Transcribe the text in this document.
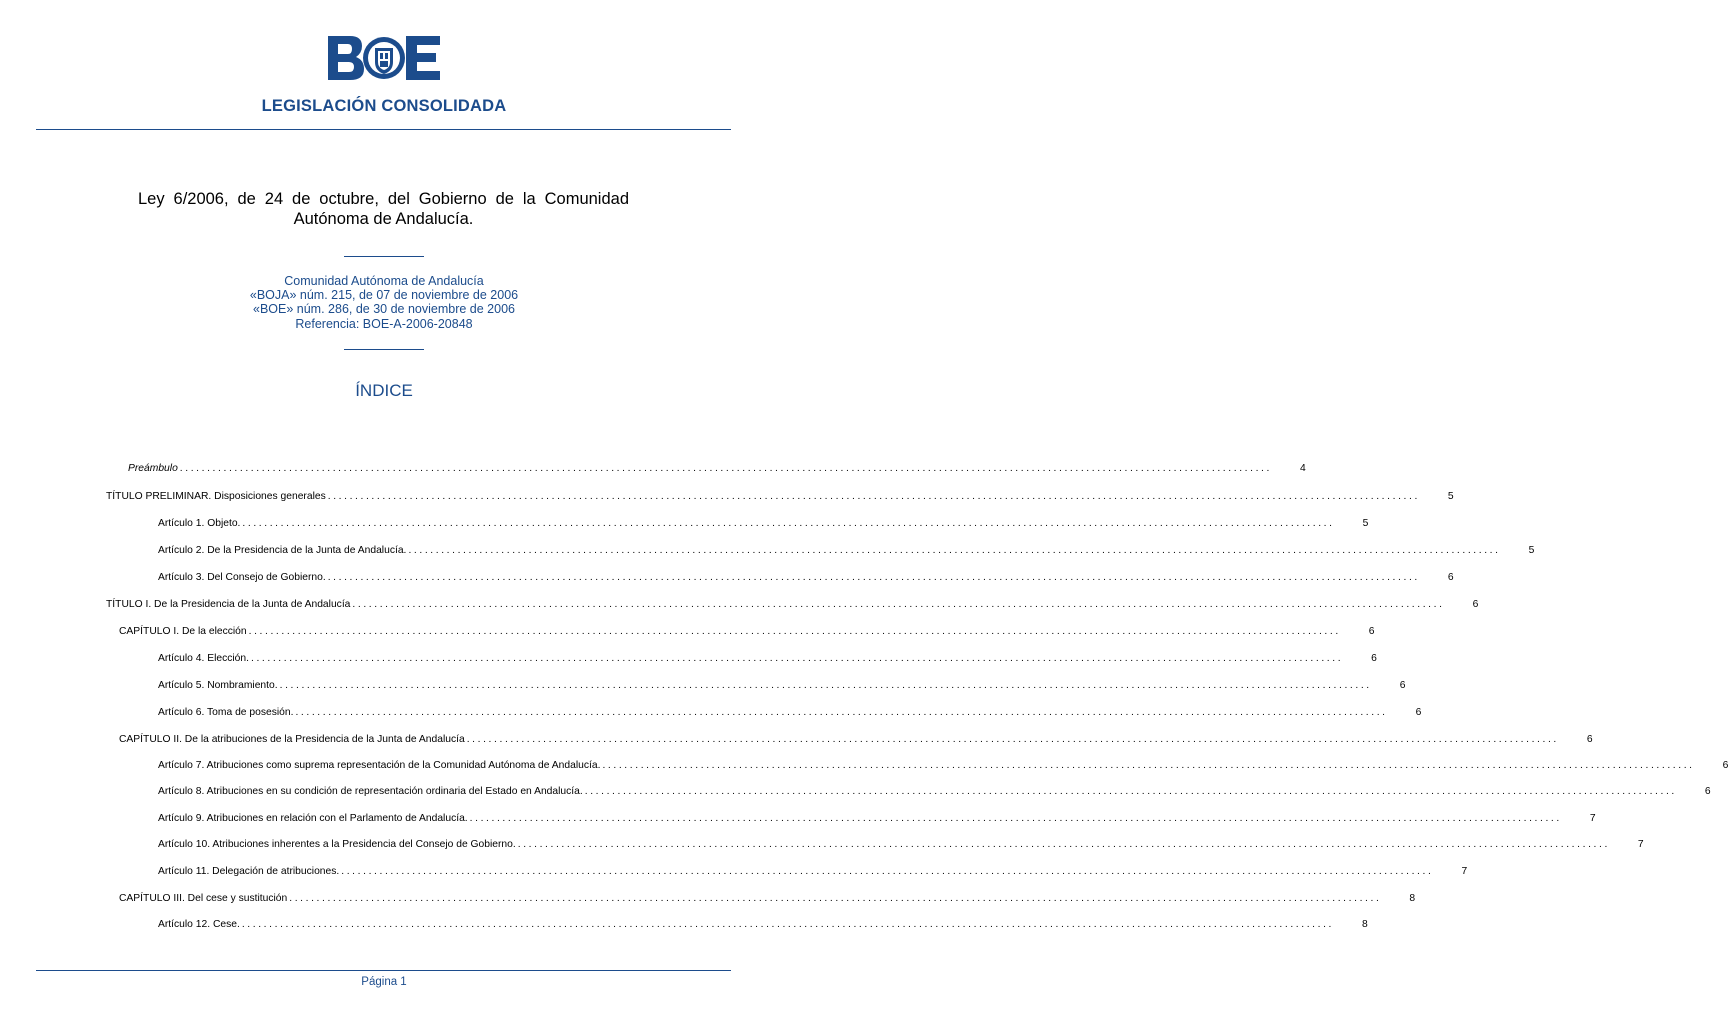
LEGISLACIÓN CONSOLIDADA
Ley 6/2006, de 24 de octubre, del Gobierno de la Comunidad
Autónoma de Andalucía.
Comunidad Autónoma de Andalucía
«BOJA» núm. 215, de 07 de noviembre de 2006
«BOE» núm. 286, de 30 de noviembre de 2006
Referencia: BOE-A-2006-20848
ÍNDICE
Preámbulo ........................................................................................................................................................................................................	4
TÍTULO PRELIMINAR. Disposiciones generales ........................................................................................................................................................................................................	5
Artículo 1. Objeto. ........................................................................................................................................................................................................	5
Artículo 2. De la Presidencia de la Junta de Andalucía. ........................................................................................................................................................................................................	5
Artículo 3. Del Consejo de Gobierno. ........................................................................................................................................................................................................	6
TÍTULO I. De la Presidencia de la Junta de Andalucía ........................................................................................................................................................................................................	6
CAPÍTULO I. De la elección ........................................................................................................................................................................................................	6
Artículo 4. Elección. ........................................................................................................................................................................................................	6
Artículo 5. Nombramiento. ........................................................................................................................................................................................................	6
Artículo 6. Toma de posesión. ........................................................................................................................................................................................................	6
CAPÍTULO II. De la atribuciones de la Presidencia de la Junta de Andalucía ........................................................................................................................................................................................................	6
Artículo 7. Atribuciones como suprema representación de la Comunidad Autónoma de Andalucía. ........................................................................................................................................................................................................	6
Artículo 8. Atribuciones en su condición de representación ordinaria del Estado en Andalucía. ........................................................................................................................................................................................................	6
Artículo 9. Atribuciones en relación con el Parlamento de Andalucía. ........................................................................................................................................................................................................	7
Artículo 10. Atribuciones inherentes a la Presidencia del Consejo de Gobierno. ........................................................................................................................................................................................................	7
Artículo 11. Delegación de atribuciones. ........................................................................................................................................................................................................	7
CAPÍTULO III. Del cese y sustitución ........................................................................................................................................................................................................	8
Artículo 12. Cese. ........................................................................................................................................................................................................	8
Página 1
